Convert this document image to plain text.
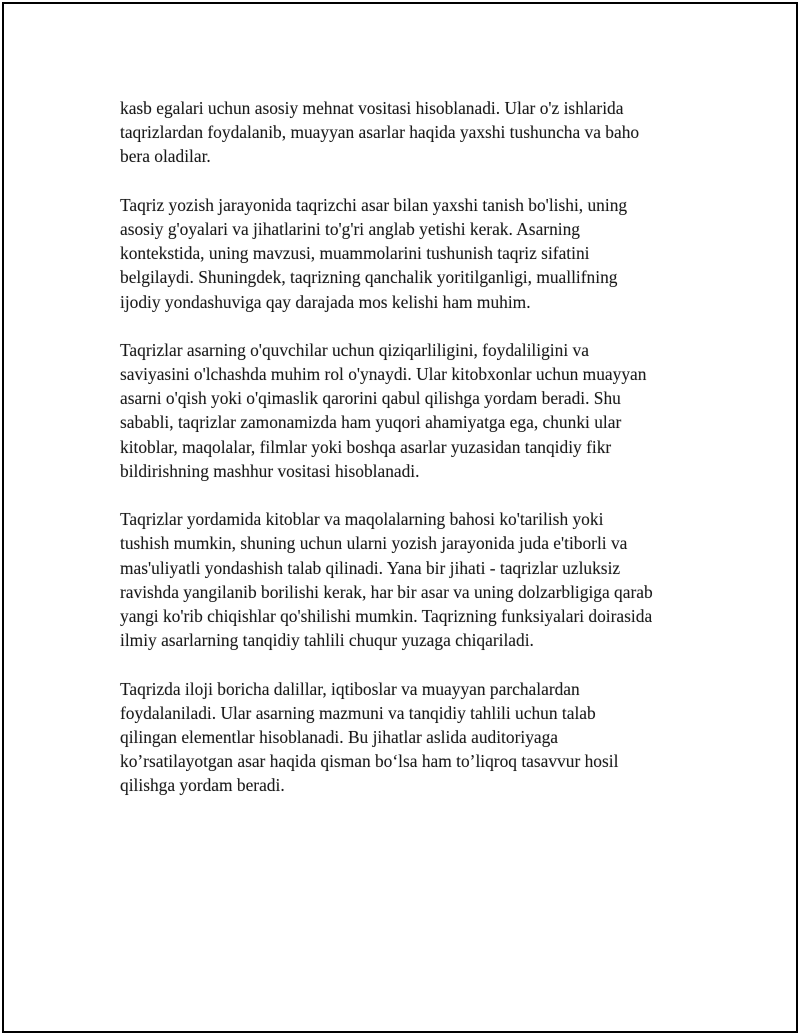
kasb egalari uchun asosiy mehnat vositasi hisoblanadi. Ular o'z ishlarida
taqrizlardan foydalanib, muayyan asarlar haqida yaxshi tushuncha va baho
bera oladilar.
Taqriz yozish jarayonida taqrizchi asar bilan yaxshi tanish bo'lishi, uning
asosiy g'oyalari va jihatlarini to'g'ri anglab yetishi kerak. Asarning
kontekstida, uning mavzusi, muammolarini tushunish taqriz sifatini
belgilaydi. Shuningdek, taqrizning qanchalik yoritilganligi, muallifning
ijodiy yondashuviga qay darajada mos kelishi ham muhim.
Taqrizlar asarning o'quvchilar uchun qiziqarliligini, foydaliligini va
saviyasini o'lchashda muhim rol o'ynaydi. Ular kitobxonlar uchun muayyan
asarni o'qish yoki o'qimaslik qarorini qabul qilishga yordam beradi. Shu
sababli, taqrizlar zamonamizda ham yuqori ahamiyatga ega, chunki ular
kitoblar, maqolalar, filmlar yoki boshqa asarlar yuzasidan tanqidiy fikr
bildirishning mashhur vositasi hisoblanadi.
Taqrizlar yordamida kitoblar va maqolalarning bahosi ko'tarilish yoki
tushish mumkin, shuning uchun ularni yozish jarayonida juda e'tiborli va
mas'uliyatli yondashish talab qilinadi. Yana bir jihati - taqrizlar uzluksiz
ravishda yangilanib borilishi kerak, har bir asar va uning dolzarbligiga qarab
yangi ko'rib chiqishlar qo'shilishi mumkin. Taqrizning funksiyalari doirasida
ilmiy asarlarning tanqidiy tahlili chuqur yuzaga chiqariladi.
Taqrizda iloji boricha dalillar, iqtiboslar va muayyan parchalardan
foydalaniladi. Ular asarning mazmuni va tanqidiy tahlili uchun talab
qilingan elementlar hisoblanadi. Bu jihatlar aslida auditoriyaga
ko’rsatilayotgan asar haqida qisman bo‘lsa ham to’liqroq tasavvur hosil
qilishga yordam beradi.
